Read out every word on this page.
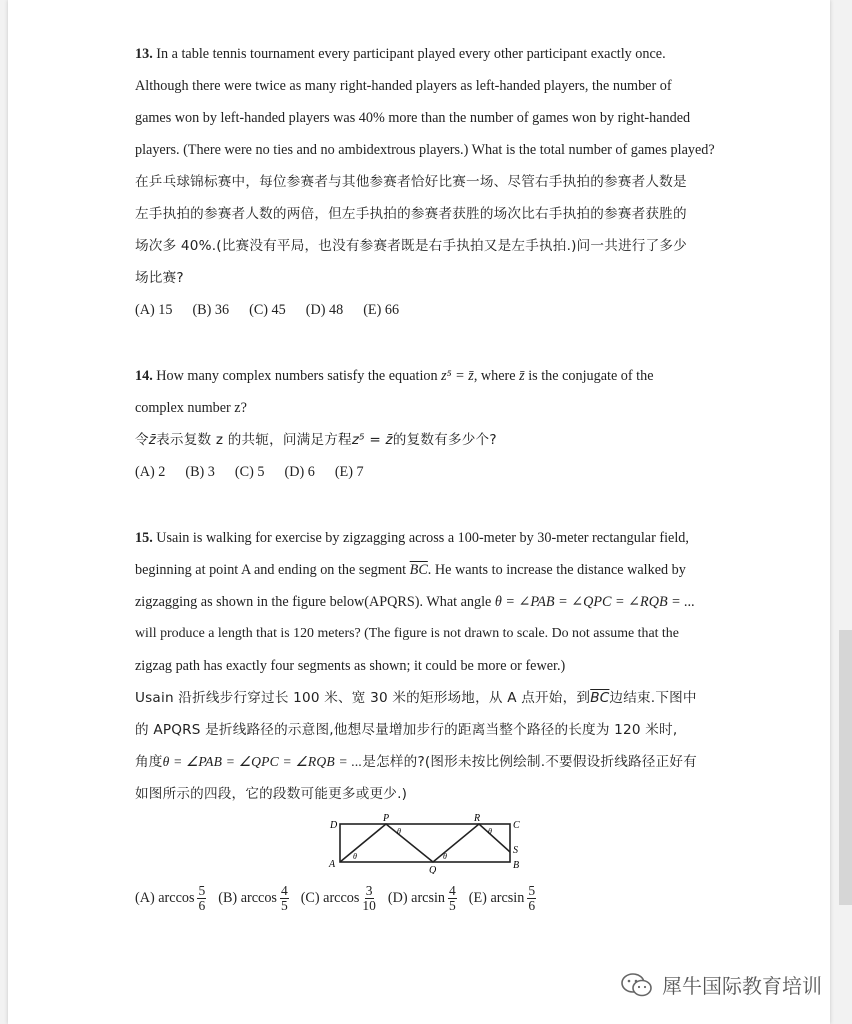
13. In a table tennis tournament every participant played every other participant exactly once.
Although there were twice as many right-handed players as left-handed players, the number of
games won by left-handed players was 40% more than the number of games won by right-handed
players. (There were no ties and no ambidextrous players.) What is the total number of games played?
在乒乓球锦标赛中，每位参赛者与其他参赛者恰好比赛一场、尽管右手执拍的参赛者人数是
左手执拍的参赛者人数的两倍，但左手执拍的参赛者获胜的场次比右手执拍的参赛者获胜的
场次多 40%.(比赛没有平局，也没有参赛者既是右手执拍又是左手执拍.)问一共进行了多少
场比赛?
(A) 15 (B) 36 (C) 45 (D) 48 (E) 66
14. How many complex numbers satisfy the equation z⁵ = z̄, where z̄ is the conjugate of the
complex number z?
令z̄表示复数 z 的共轭，问满足方程z⁵ = z̄的复数有多少个?
(A) 2 (B) 3 (C) 5 (D) 6 (E) 7
15. Usain is walking for exercise by zigzagging across a 100-meter by 30-meter rectangular field,
beginning at point A and ending on the segment $\overline{BC}$. He wants to increase the distance walked by
zigzagging as shown in the figure below(APQRS). What angle θ = ∠PAB = ∠QPC = ∠RQB = ...
will produce a length that is 120 meters? (The figure is not drawn to scale. Do not assume that the
zigzag path has exactly four segments as shown; it could be more or fewer.)
Usain 沿折线步行穿过长 100 米、宽 30 米的矩形场地，从 A 点开始，到$\overline{BC}$边结束.下图中
的 APQRS 是折线路径的示意图,他想尽量增加步行的距离当整个路径的长度为 120 米时,
角度θ = ∠PAB = ∠QPC = ∠RQB = ...是怎样的?(图形未按比例绘制.不要假设折线路径正好有
如图所示的四段，它的段数可能更多或更少.)
D
A
P
Q
R
C
S
B
θ
θ
θ
θ
(A)
$\arccos \frac{5}{6} (B)$
$\arccos \frac{4}{5} (C)$
$\arccos \frac{3}{10} (D)$
$\arcsin \frac{4}{5} (E)$
$\arcsin \frac{5}{6}$
犀牛国际教育培训
